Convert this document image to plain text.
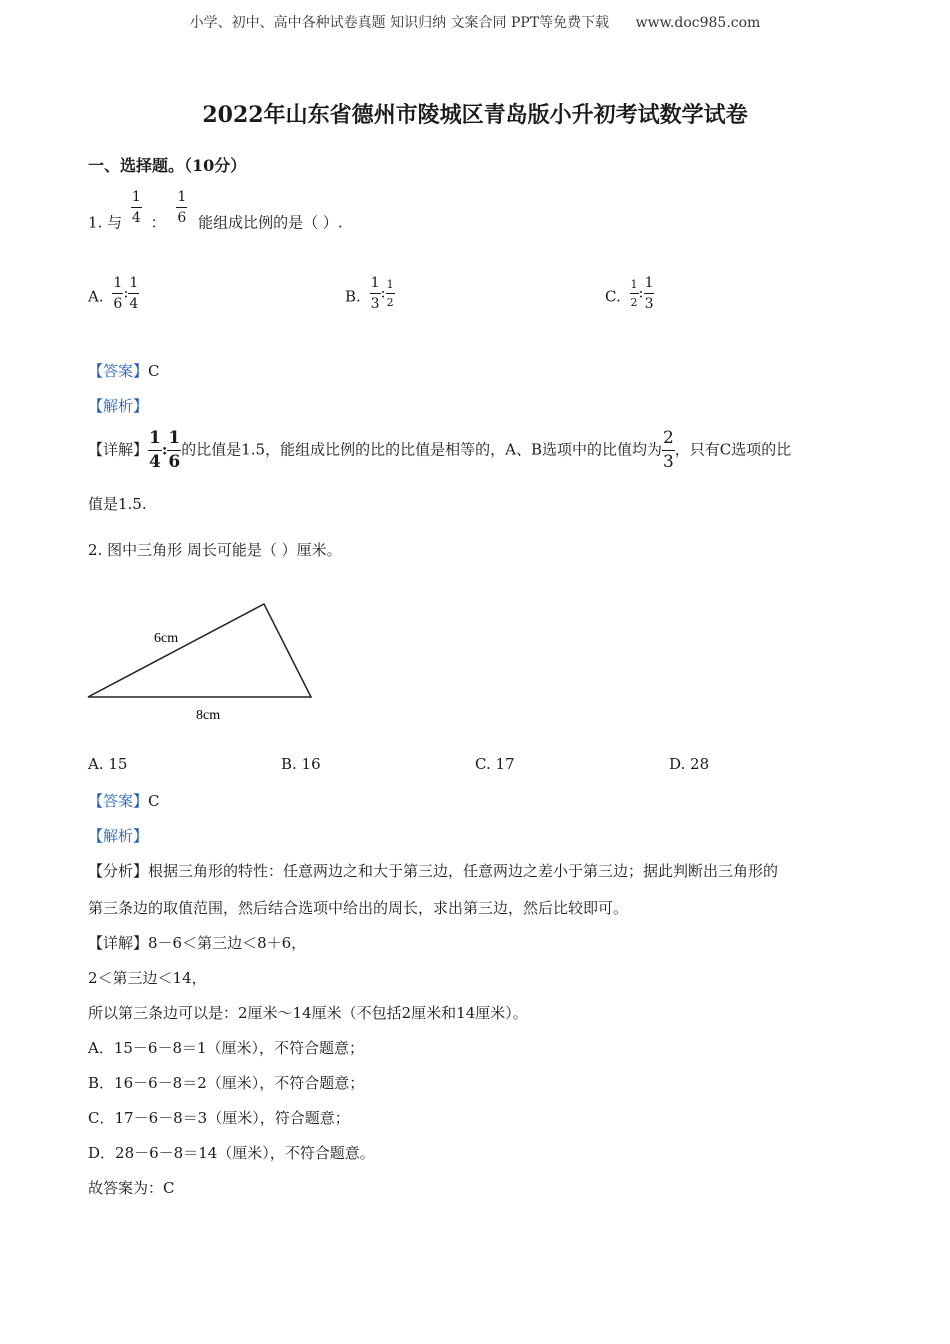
小学、初中、高中各种试卷真题 知识归纳 文案合同 PPT等免费下载 www.doc985.com
2022年山东省德州市陵城区青岛版小升初考试数学试卷
一、选择题。（10分）
1. 与 $\frac{1}{4}$ ： $\frac{1}{6}$ 能组成比例的是（ ）.
A. $\frac{1}{6}$ : $\frac{1}{4}$	B. $\frac{1}{3}$ : $\frac{1}{2}$	C. $\frac{1}{2}$ : $\frac{1}{3}$
【答案】C
【解析】
【详解】 $\frac{1}{4}$ : $\frac{1}{6}$ 的比值是1.5，能组成比例的比的比值是相等的，A、B选项中的比值均为 $\frac{2}{3}$ ，只有C选项的比
值是1.5.
2. 图中三角形 周长可能是（ ）厘米。
6cm
8cm
A. 15	B. 16	C. 17	D. 28
【答案】C
【解析】
【分析】根据三角形的特性：任意两边之和大于第三边，任意两边之差小于第三边；据此判断出三角形的
第三条边的取值范围，然后结合选项中给出的周长，求出第三边，然后比较即可。
【详解】8－6＜第三边＜8＋6，
2＜第三边＜14，
所以第三条边可以是：2厘米～14厘米（不包括2厘米和14厘米）。
A．15－6－8＝1（厘米），不符合题意；
B．16－6－8＝2（厘米），不符合题意；
C．17－6－8＝3（厘米），符合题意；
D．28－6－8＝14（厘米），不符合题意。
故答案为：C
